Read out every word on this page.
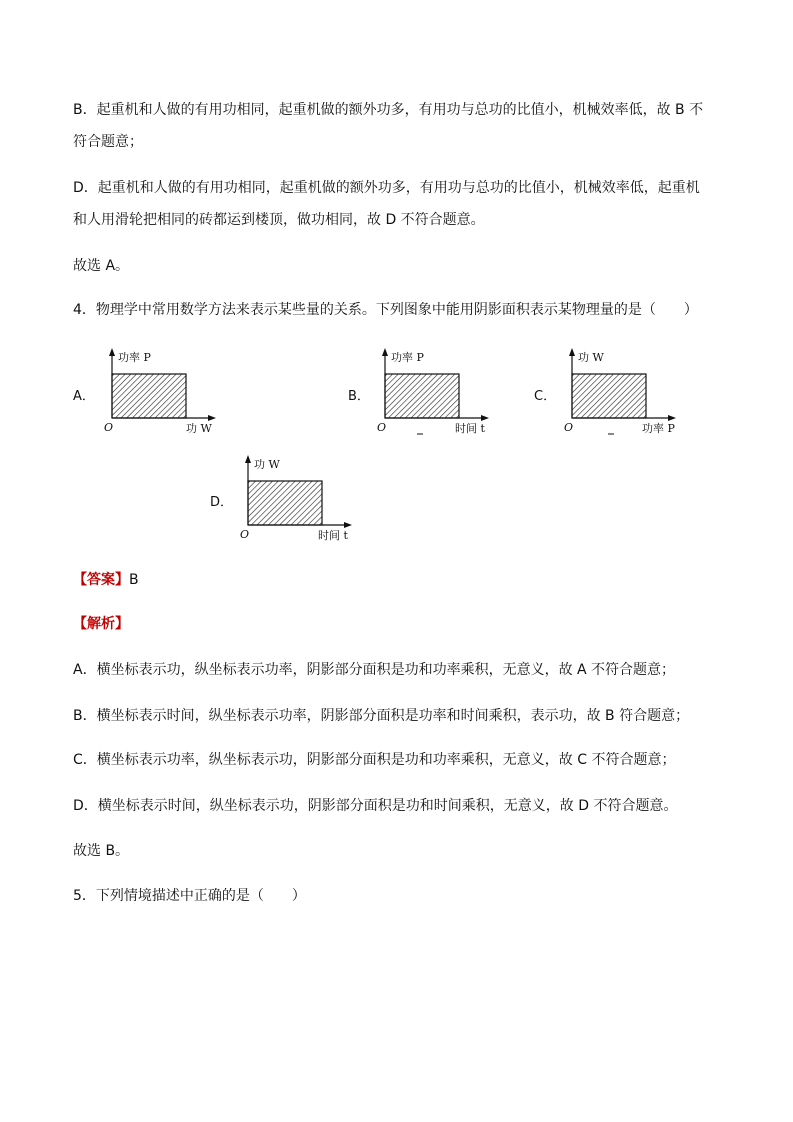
B．起重机和人做的有用功相同，起重机做的额外功多，有用功与总功的比值小，机械效率低，故 B 不
符合题意；
D．起重机和人做的有用功相同，起重机做的额外功多，有用功与总功的比值小，机械效率低，起重机
和人用滑轮把相同的砖都运到楼顶，做功相同，故 D 不符合题意。
故选 A。
4．物理学中常用数学方法来表示某些量的关系。下列图象中能用阴影面积表示某物理量的是（　　）
A．
功率 P
O	功 W
B．
功率 P
O	时间 t
C．
功 W
O	功率 P
D．
功 W
O	时间 t
【答案】B
【解析】
A．横坐标表示功，纵坐标表示功率，阴影部分面积是功和功率乘积，无意义，故 A 不符合题意；
B．横坐标表示时间，纵坐标表示功率，阴影部分面积是功率和时间乘积，表示功，故 B 符合题意；
C．横坐标表示功率，纵坐标表示功，阴影部分面积是功和功率乘积，无意义，故 C 不符合题意；
D．横坐标表示时间，纵坐标表示功，阴影部分面积是功和时间乘积，无意义，故 D 不符合题意。
故选 B。
5．下列情境描述中正确的是（　　）
